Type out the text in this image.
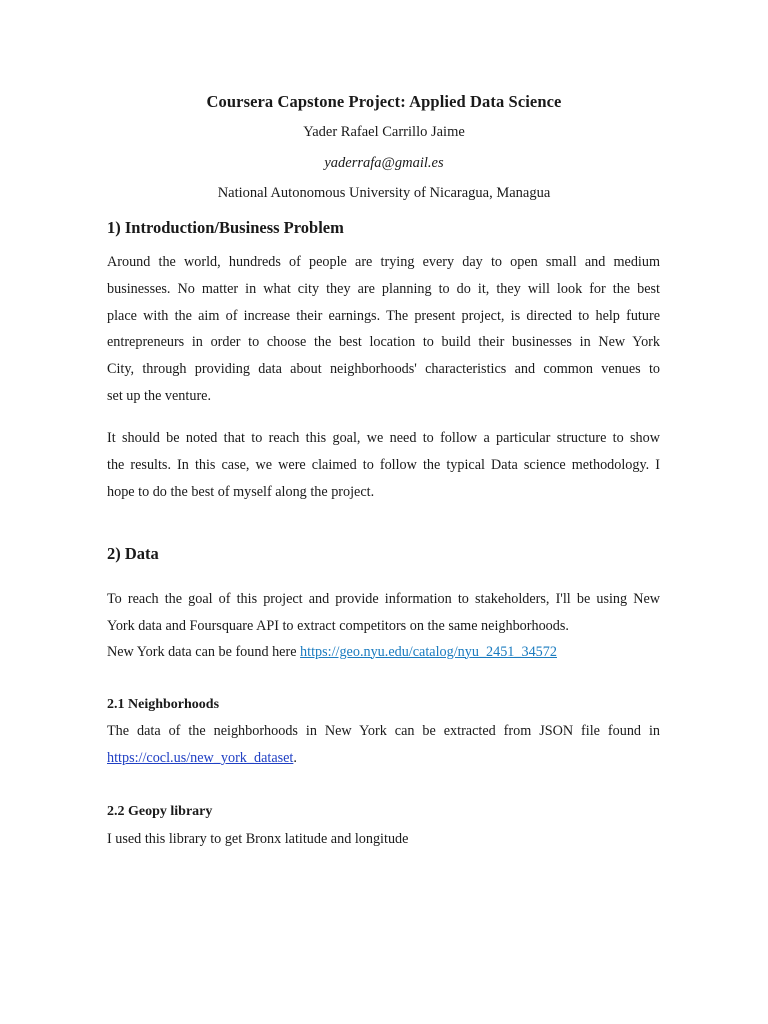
Coursera Capstone Project: Applied Data Science
Yader Rafael Carrillo Jaime
yaderrafa@gmail.es
National Autonomous University of Nicaragua, Managua
1) Introduction/Business Problem
Around the world, hundreds of people are trying every day to open small and medium
businesses. No matter in what city they are planning to do it, they will look for the best
place with the aim of increase their earnings. The present project, is directed to help future
entrepreneurs in order to choose the best location to build their businesses in New York
City, through providing data about neighborhoods' characteristics and common venues to
set up the venture.
It should be noted that to reach this goal, we need to follow a particular structure to show
the results. In this case, we were claimed to follow the typical Data science methodology. I
hope to do the best of myself along the project.
2) Data
To reach the goal of this project and provide information to stakeholders, I'll be using New
York data and Foursquare API to extract competitors on the same neighborhoods.
New York data can be found here https://geo.nyu.edu/catalog/nyu_2451_34572
2.1 Neighborhoods
The data of the neighborhoods in New York can be extracted from JSON file found in
https://cocl.us/new_york_dataset.
2.2 Geopy library
I used this library to get Bronx latitude and longitude
